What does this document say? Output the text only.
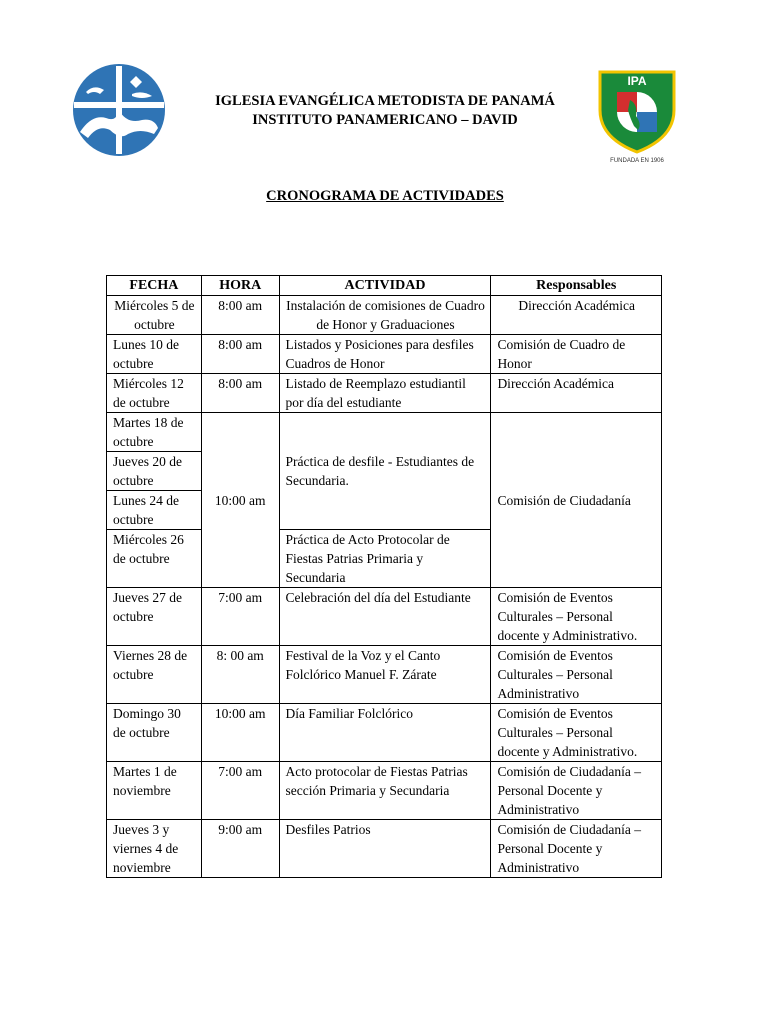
IGLESIA EVANGÉLICA METODISTA DE PANAMÁ
INSTITUTO PANAMERICANO – DAVID
IPA
FUNDADA EN 1906
CRONOGRAMA DE ACTIVIDADES
FECHA	HORA	ACTIVIDAD	Responsables
Miércoles 5 de octubre	8:00 am	Instalación de comisiones de Cuadro de Honor y Graduaciones	Dirección Académica
Lunes 10 de octubre	8:00 am	Listados y Posiciones para desfiles Cuadros de Honor	Comisión de Cuadro de Honor
Miércoles 12 de octubre	8:00 am	Listado de Reemplazo estudiantil por día del estudiante	Dirección Académica
Martes 18 de octubre	10:00 am	Práctica de desfile - Estudiantes de Secundaria.	Comisión de Ciudadanía
Jueves 20 de octubre			
Lunes 24 de octubre			
Miércoles 26 de octubre		Práctica de Acto Protocolar de Fiestas Patrias Primaria y Secundaria	
Jueves 27 de octubre	7:00 am	Celebración del día del Estudiante	Comisión de Eventos Culturales – Personal docente y Administrativo.
Viernes 28 de octubre	8: 00 am	Festival de la Voz y el Canto Folclórico Manuel F. Zárate	Comisión de Eventos Culturales – Personal Administrativo
Domingo 30 de octubre	10:00 am	Día Familiar Folclórico	Comisión de Eventos Culturales – Personal docente y Administrativo.
Martes 1 de noviembre	7:00 am	Acto protocolar de Fiestas Patrias sección Primaria y Secundaria	Comisión de Ciudadanía – Personal Docente y Administrativo
Jueves 3 y viernes 4 de noviembre	9:00 am	Desfiles Patrios	Comisión de Ciudadanía – Personal Docente y Administrativo
